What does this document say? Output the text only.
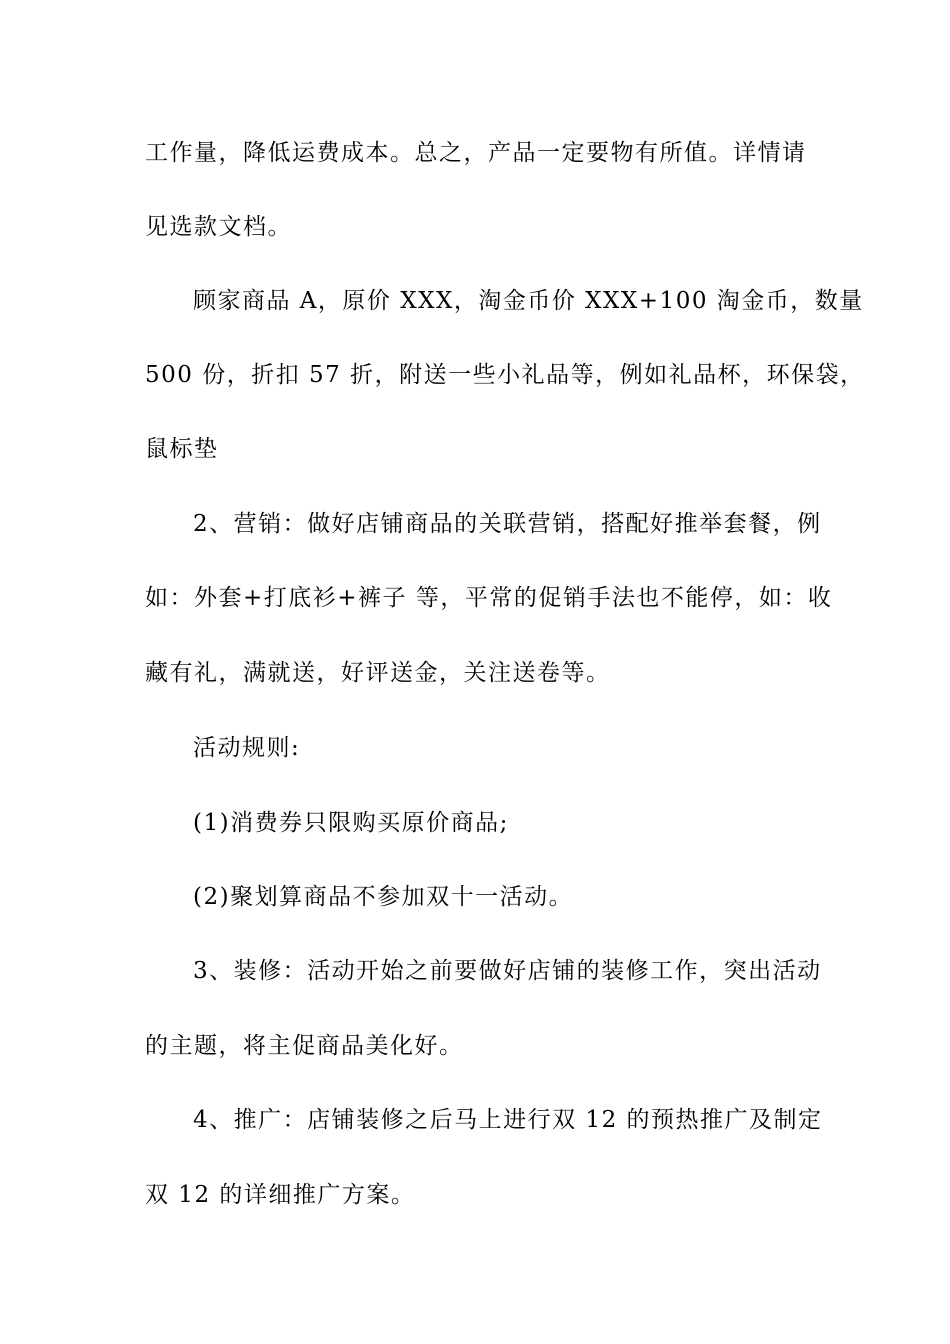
工作量，降低运费成本。总之，产品一定要物有所值。详情请
见选款文档。
顾家商品 A，原价 XXX，淘金币价 XXX+100 淘金币，数量
500 份，折扣 57 折，附送一些小礼品等，例如礼品杯，环保袋，
鼠标垫
2、营销：做好店铺商品的关联营销，搭配好推举套餐，例
如：外套+打底衫+裤子 等，平常的促销手法也不能停，如：收
藏有礼，满就送，好评送金，关注送卷等。
活动规则:
(1)消费券只限购买原价商品;
(2)聚划算商品不参加双十一活动。
3、装修：活动开始之前要做好店铺的装修工作，突出活动
的主题，将主促商品美化好。
4、推广：店铺装修之后马上进行双 12 的预热推广及制定
双 12 的详细推广方案。
